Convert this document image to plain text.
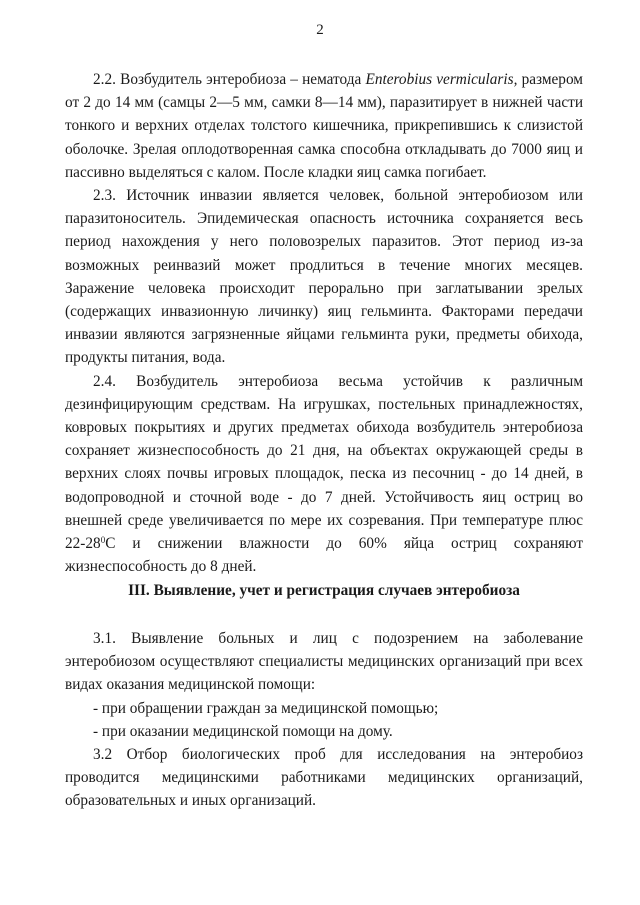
2

2.2. Возбудитель энтеробиоза – нематода Enterobius vermicularis, размером от 2 до 14 мм (самцы 2—5 мм, самки 8—14 мм), паразитирует в нижней части тонкого и верхних отделах толстого кишечника, прикрепившись к слизистой оболочке. Зрелая оплодотворенная самка способна откладывать до 7000 яиц и пассивно выделяться с калом. После кладки яиц самка погибает.

2.3. Источник инвазии является человек, больной энтеробиозом или паразитоноситель. Эпидемическая опасность источника сохраняется весь период нахождения у него половозрелых паразитов. Этот период из-за возможных реинвазий может продлиться в течение многих месяцев. Заражение человека происходит перорально при заглатывании зрелых (содержащих инвазионную личинку) яиц гельминта. Факторами передачи инвазии являются загрязненные яйцами гельминта руки, предметы обихода, продукты питания, вода.

2.4. Возбудитель энтеробиоза весьма устойчив к различным дезинфицирующим средствам. На игрушках, постельных принадлежностях, ковровых покрытиях и других предметах обихода возбудитель энтеробиоза сохраняет жизнеспособность до 21 дня, на объектах окружающей среды в верхних слоях почвы игровых площадок, песка из песочниц - до 14 дней, в водопроводной и сточной воде - до 7 дней. Устойчивость яиц остриц во внешней среде увеличивается по мере их созревания. При температуре плюс $22-28^0С$ и снижении влажности до 60% яйца остриц сохраняют жизнеспособность до 8 дней.

III. Выявление, учет и регистрация случаев энтеробиоза

3.1. Выявление больных и лиц с подозрением на заболевание энтеробиозом осуществляют специалисты медицинских организаций при всех видах оказания медицинской помощи:

- при обращении граждан за медицинской помощью;

- при оказании медицинской помощи на дому.

3.2 Отбор биологических проб для исследования на энтеробиоз проводится медицинскими работниками медицинских организаций, образовательных и иных организаций.
